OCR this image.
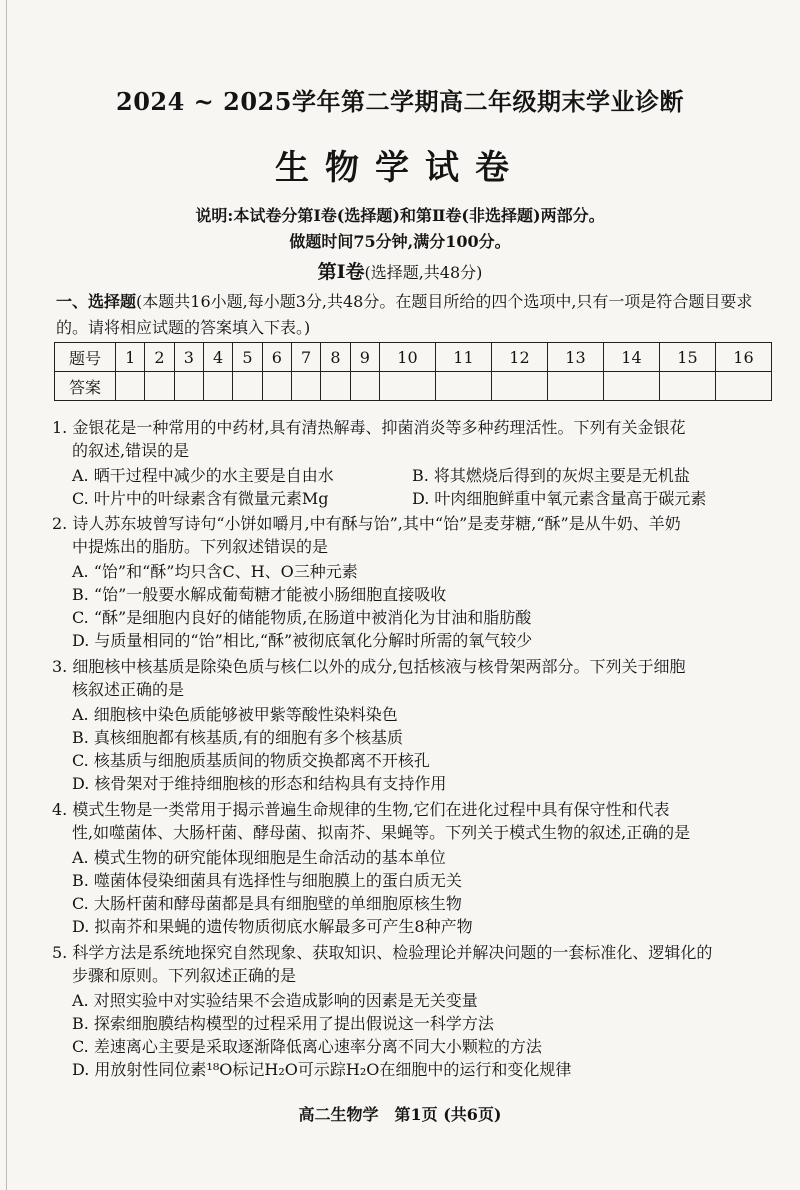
2024 ~ 2025学年第二学期高二年级期末学业诊断
生物学试卷
说明:本试卷分第Ⅰ卷(选择题)和第Ⅱ卷(非选择题)两部分。
做题时间75分钟,满分100分。
第Ⅰ卷(选择题,共48分)
一、选择题(本题共16小题,每小题3分,共48分。在题目所给的四个选项中,只有一项是符合题目要求的。请将相应试题的答案填入下表。)
题号	1	2	3	4	5	6	7	8	9	10	11	12	13	14	15	16
答案																
1. 金银花是一种常用的中药材,具有清热解毒、抑菌消炎等多种药理活性。下列有关金银花
的叙述,错误的是
A. 晒干过程中减少的水主要是自由水	B. 将其燃烧后得到的灰烬主要是无机盐
C. 叶片中的叶绿素含有微量元素Mg	D. 叶肉细胞鲜重中氧元素含量高于碳元素
2. 诗人苏东坡曾写诗句“小饼如嚼月,中有酥与饴”,其中“饴”是麦芽糖,“酥”是从牛奶、羊奶
中提炼出的脂肪。下列叙述错误的是
A. “饴”和“酥”均只含C、H、O三种元素
B. “饴”一般要水解成葡萄糖才能被小肠细胞直接吸收
C. “酥”是细胞内良好的储能物质,在肠道中被消化为甘油和脂肪酸
D. 与质量相同的“饴”相比,“酥”被彻底氧化分解时所需的氧气较少
3. 细胞核中核基质是除染色质与核仁以外的成分,包括核液与核骨架两部分。下列关于细胞
核叙述正确的是
A. 细胞核中染色质能够被甲紫等酸性染料染色
B. 真核细胞都有核基质,有的细胞有多个核基质
C. 核基质与细胞质基质间的物质交换都离不开核孔
D. 核骨架对于维持细胞核的形态和结构具有支持作用
4. 模式生物是一类常用于揭示普遍生命规律的生物,它们在进化过程中具有保守性和代表
性,如噬菌体、大肠杆菌、酵母菌、拟南芥、果蝇等。下列关于模式生物的叙述,正确的是
A. 模式生物的研究能体现细胞是生命活动的基本单位
B. 噬菌体侵染细菌具有选择性与细胞膜上的蛋白质无关
C. 大肠杆菌和酵母菌都是具有细胞壁的单细胞原核生物
D. 拟南芥和果蝇的遗传物质彻底水解最多可产生8种产物
5. 科学方法是系统地探究自然现象、获取知识、检验理论并解决问题的一套标准化、逻辑化的
步骤和原则。下列叙述正确的是
A. 对照实验中对实验结果不会造成影响的因素是无关变量
B. 探索细胞膜结构模型的过程采用了提出假说这一科学方法
C. 差速离心主要是采取逐渐降低离心速率分离不同大小颗粒的方法
D. 用放射性同位素¹⁸O标记H₂O可示踪H₂O在细胞中的运行和变化规律
高二生物学　第1页 (共6页)
